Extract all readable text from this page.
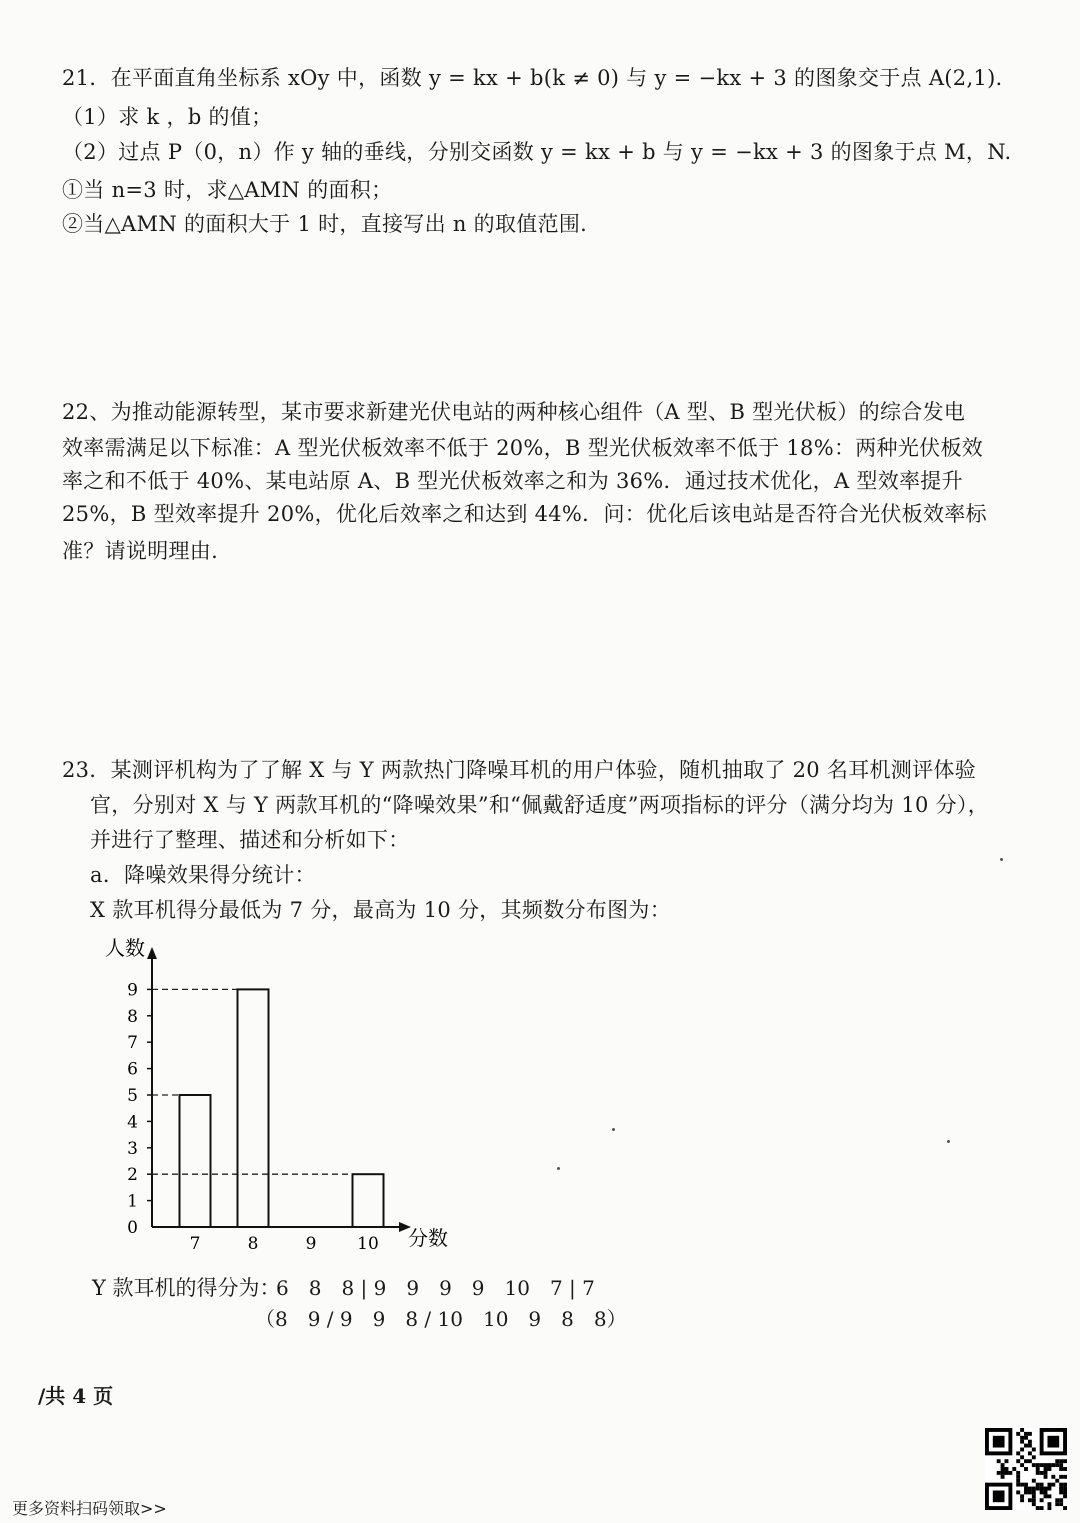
21．在平面直角坐标系 xOy 中，函数 y = kx + b(k ≠ 0) 与 y = −kx + 3 的图象交于点 A(2,1)．
（1）求 k ，b 的值；
（2）过点 P（0，n）作 y 轴的垂线，分别交函数 y = kx + b 与 y = −kx + 3 的图象于点 M，N.
①当 n=3 时，求△AMN 的面积；
②当△AMN 的面积大于 1 时，直接写出 n 的取值范围.
22、为推动能源转型，某市要求新建光伏电站的两种核心组件（A 型、B 型光伏板）的综合发电
效率需满足以下标准：A 型光伏板效率不低于 20%，B 型光伏板效率不低于 18%：两种光伏板效
率之和不低于 40%、某电站原 A、B 型光伏板效率之和为 36%．通过技术优化，A 型效率提升
25%，B 型效率提升 20%，优化后效率之和达到 44%．问：优化后该电站是否符合光伏板效率标
准？请说明理由.
23．某测评机构为了了解 X 与 Y 两款热门降噪耳机的用户体验，随机抽取了 20 名耳机测评体验
官，分别对 X 与 Y 两款耳机的“降噪效果”和“佩戴舒适度”两项指标的评分（满分均为 10 分），
并进行了整理、描述和分析如下：
a．降噪效果得分统计：
X 款耳机得分最低为 7 分，最高为 10 分，其频数分布图为：
0
1
2
3
4
5
6
7
8
9
7	8	9 10
人数
分数
Y 款耳机的得分为：
6　8　8 | 9　9　9　9　10　7 | 7
（8　9 / 9　9　8 / 10　10　9　8　8）
/共 4 页
更多资料扫码领取>>
